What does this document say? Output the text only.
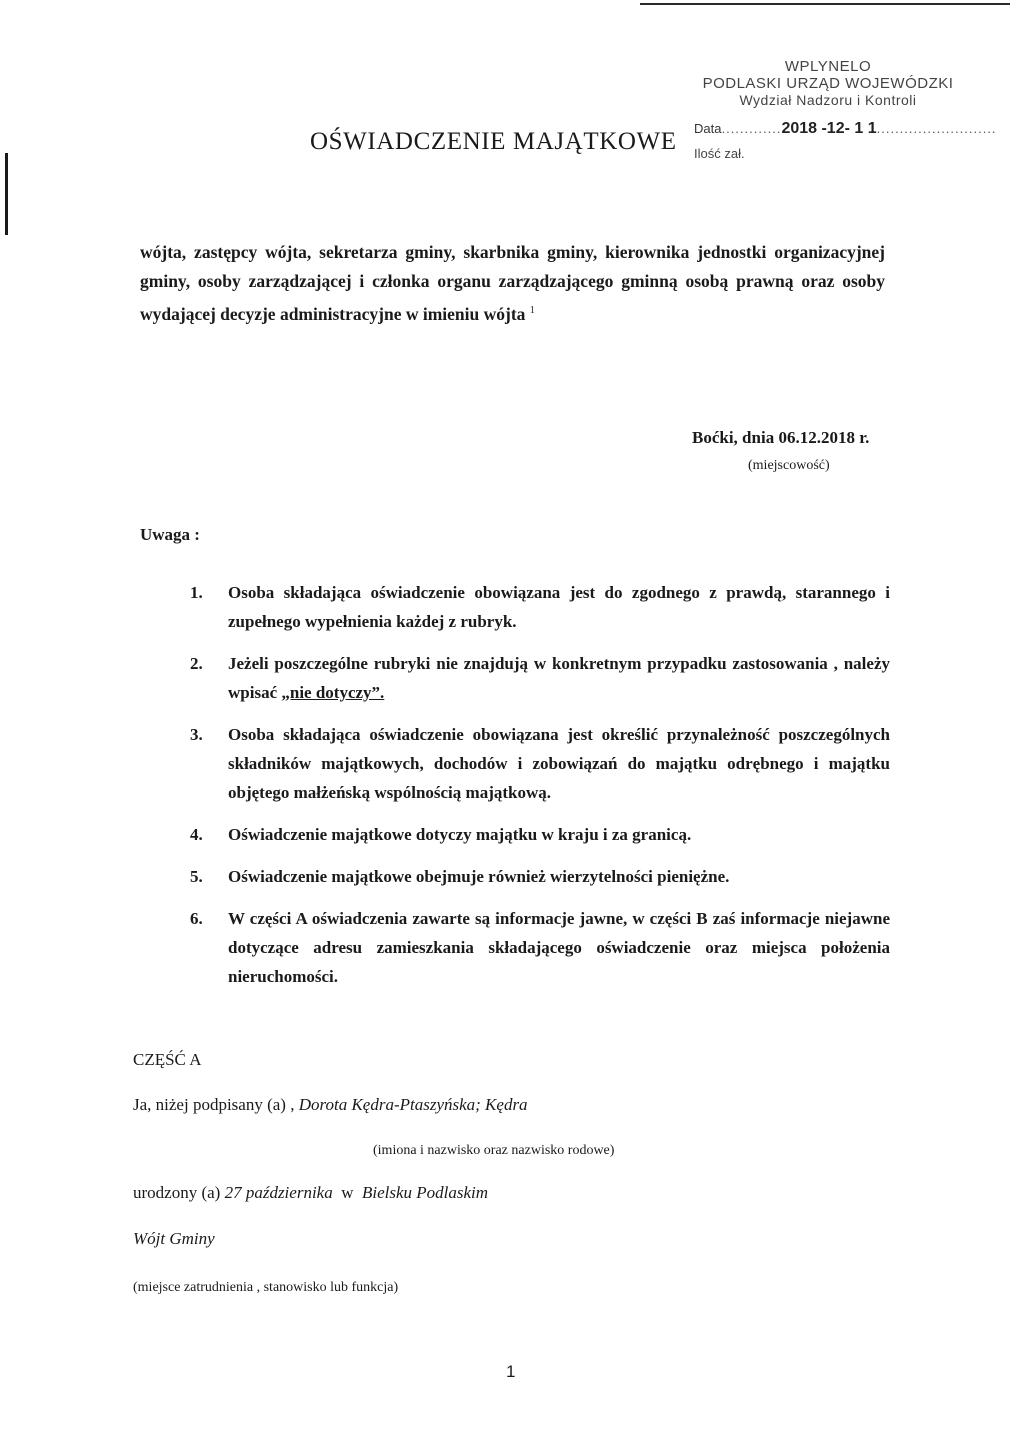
WPLYNELO
PODLASKI URZĄD WOJEWÓDZKI
Wydział Nadzoru i Kontroli
Data.............2018 -12- 1 1..........................
Ilość zał.
OŚWIADCZENIE MAJĄTKOWE
wójta, zastępcy wójta, sekretarza gminy, skarbnika gminy, kierownika jednostki organizacyjnej gminy, osoby zarządzającej i członka organu zarządzającego gminną osobą prawną oraz osoby wydającej decyzje administracyjne w imieniu wójta $^1$
Boćki, dnia 06.12.2018 r.
(miejscowość)
Uwaga :
1. Osoba składająca oświadczenie obowiązana jest do zgodnego z prawdą, starannego i zupełnego wypełnienia każdej z rubryk.
2. Jeżeli poszczególne rubryki nie znajdują w konkretnym przypadku zastosowania , należy wpisać „nie dotyczy”.
3. Osoba składająca oświadczenie obowiązana jest określić przynależność poszczególnych składników majątkowych, dochodów i zobowiązań do majątku odrębnego i majątku objętego małżeńską wspólnością majątkową.
4. Oświadczenie majątkowe dotyczy majątku w kraju i za granicą.
5. Oświadczenie majątkowe obejmuje również wierzytelności pieniężne.
6. W części A oświadczenia zawarte są informacje jawne, w części B zaś informacje niejawne dotyczące adresu zamieszkania składającego oświadczenie oraz miejsca położenia nieruchomości.
CZĘŚĆ A
Ja, niżej podpisany (a) , Dorota Kędra-Ptaszyńska; Kędra
(imiona i nazwisko oraz nazwisko rodowe)
urodzony (a) 27 października w Bielsku Podlaskim
Wójt Gminy
(miejsce zatrudnienia , stanowisko lub funkcja)
1
